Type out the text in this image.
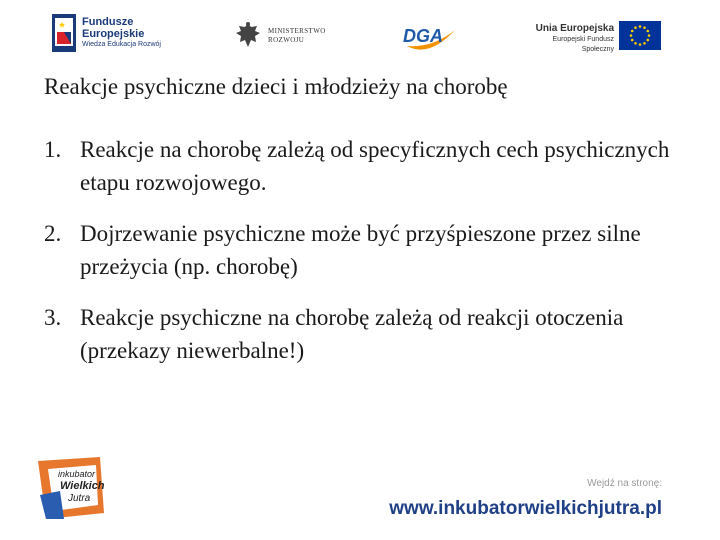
Fundusze
Europejskie
Wiedza Edukacja Rozwój
MINISTERSTWO
ROZWOJU	DGA	Unia Europejska
Europejski Fundusz Społeczny
Reakcje psychiczne dzieci i młodzieży na chorobę
1. Reakcje na chorobę zależą od specyficznych cech psychicznych etapu rozwojowego.
2. Dojrzewanie psychiczne może być przyśpieszone przez silne przeżycia (np. chorobę)
3. Reakcje psychiczne na chorobę zależą od reakcji otoczenia (przekazy niewerbalne!)
inkubator
Wielkich
Jutra
Wejdź na stronę:
www.inkubatorwielkichjutra.pl
